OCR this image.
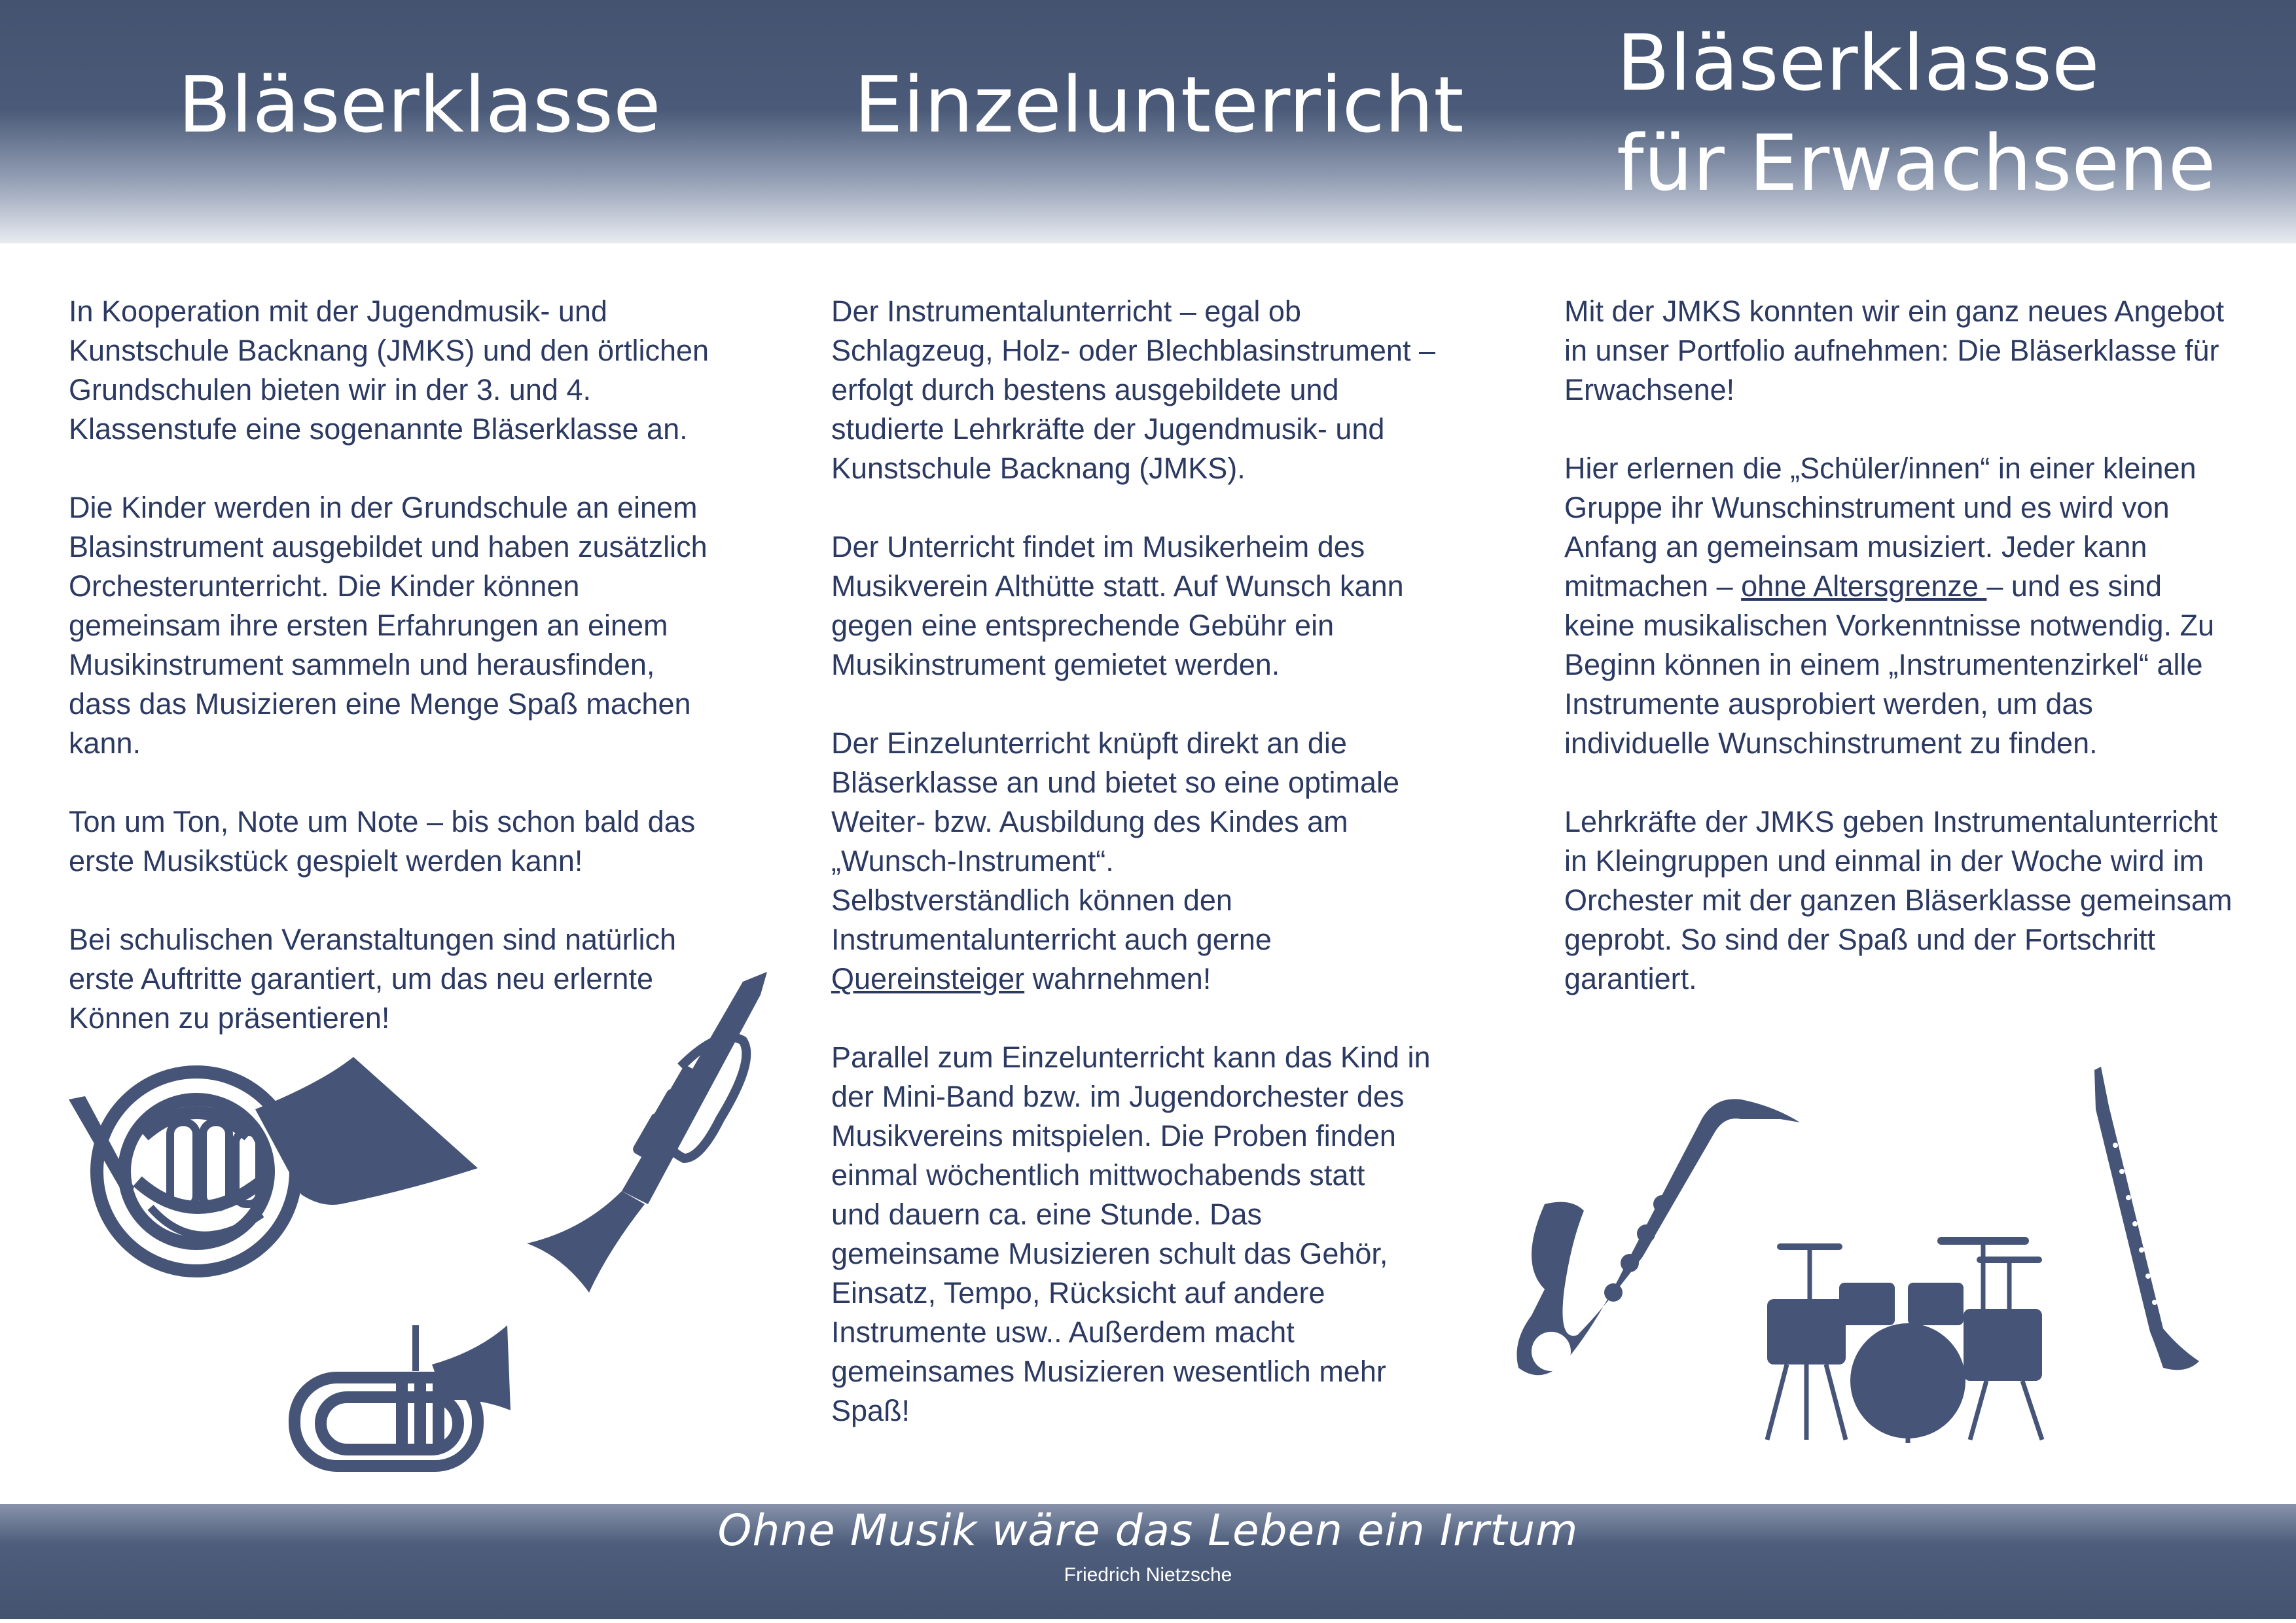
Bläserklasse	Einzelunterricht Bläserklasse
für Erwachsene

In Kooperation mit der Jugendmusik- und
Kunstschule Backnang (JMKS) und den örtlichen
Grundschulen bieten wir in der 3. und 4.
Klassenstufe eine sogenannte Bläserklasse an.

Die Kinder werden in der Grundschule an einem
Blasinstrument ausgebildet und haben zusätzlich
Orchesterunterricht. Die Kinder können
gemeinsam ihre ersten Erfahrungen an einem
Musikinstrument sammeln und herausfinden,
dass das Musizieren eine Menge Spaß machen
kann.

Ton um Ton, Note um Note – bis schon bald das
erste Musikstück gespielt werden kann!

Bei schulischen Veranstaltungen sind natürlich
erste Auftritte garantiert, um das neu erlernte
Können zu präsentieren!

Der Instrumentalunterricht – egal ob
Schlagzeug, Holz- oder Blechblasinstrument –
erfolgt durch bestens ausgebildete und
studierte Lehrkräfte der Jugendmusik- und
Kunstschule Backnang (JMKS).

Der Unterricht findet im Musikerheim des
Musikverein Althütte statt. Auf Wunsch kann
gegen eine entsprechende Gebühr ein
Musikinstrument gemietet werden.

Der Einzelunterricht knüpft direkt an die
Bläserklasse an und bietet so eine optimale
Weiter- bzw. Ausbildung des Kindes am
„Wunsch-Instrument“.
Selbstverständlich können den
Instrumentalunterricht auch gerne
Quereinsteiger wahrnehmen!

Parallel zum Einzelunterricht kann das Kind in
der Mini-Band bzw. im Jugendorchester des
Musikvereins mitspielen. Die Proben finden
einmal wöchentlich mittwochabends statt
und dauern ca. eine Stunde. Das
gemeinsame Musizieren schult das Gehör,
Einsatz, Tempo, Rücksicht auf andere
Instrumente usw.. Außerdem macht
gemeinsames Musizieren wesentlich mehr
Spaß!

Mit der JMKS konnten wir ein ganz neues Angebot
in unser Portfolio aufnehmen: Die Bläserklasse für
Erwachsene!

Hier erlernen die „Schüler/innen“ in einer kleinen
Gruppe ihr Wunschinstrument und es wird von
Anfang an gemeinsam musiziert. Jeder kann
mitmachen – ohne Altersgrenze – und es sind
keine musikalischen Vorkenntnisse notwendig. Zu
Beginn können in einem „Instrumentenzirkel“ alle
Instrumente ausprobiert werden, um das
individuelle Wunschinstrument zu finden.

Lehrkräfte der JMKS geben Instrumentalunterricht
in Kleingruppen und einmal in der Woche wird im
Orchester mit der ganzen Bläserklasse gemeinsam
geprobt. So sind der Spaß und der Fortschritt
garantiert.

Ohne Musik wäre das Leben ein Irrtum
Friedrich Nietzsche
